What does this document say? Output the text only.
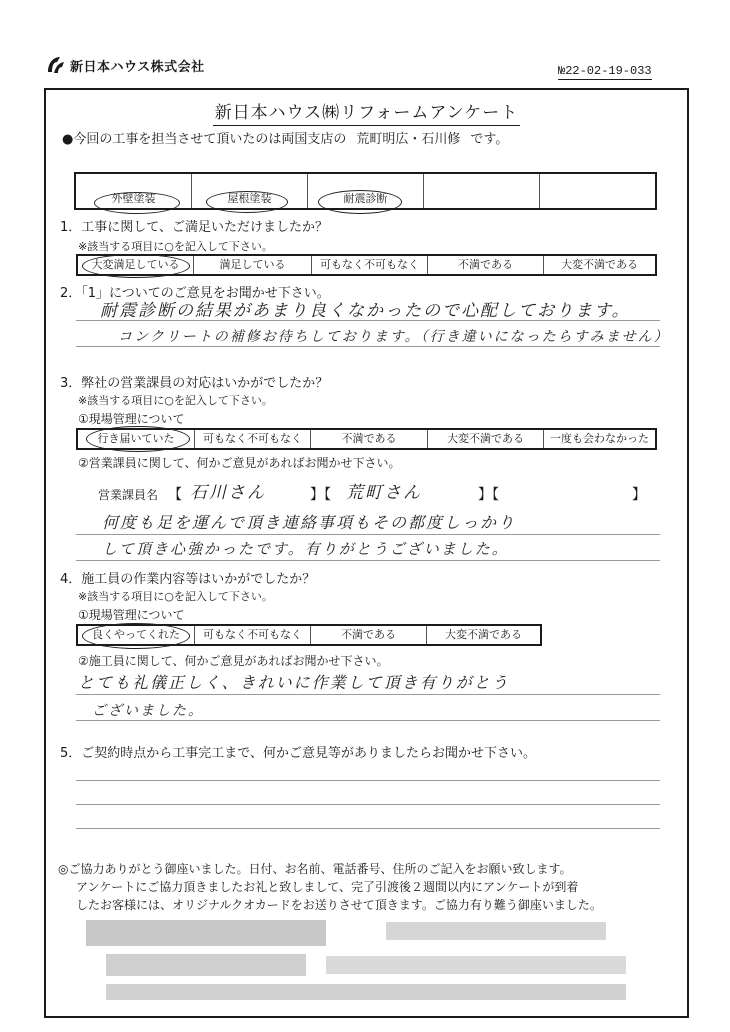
新日本ハウス株式会社	№22-02-19-033
新日本ハウス㈱リフォームアンケート
●今回の工事を担当させて頂いたのは両国支店の 荒町明広・石川修 です。
外壁塗装	屋根塗装	耐震診断
1．工事に関して、ご満足いただけましたか？
※該当する項目に○を記入して下さい。
大変満足している	満足している	可もなく不可もなく	不満である	大変不満である
2．「1」についてのご意見をお聞かせ下さい。
耐震診断の結果があまり良くなかったので心配しております。
コンクリートの補修お待ちしております。（行き違いになったらすみません）
3．弊社の営業課員の対応はいかがでしたか？
※該当する項目に○を記入して下さい。
①現場管理について
行き届いていた	可もなく不可もなく	不満である	大変不満である	一度も会わなかった
②営業課員に関して、何かご意見があればお聞かせ下さい。
営業課員名 【 石川さん	】【 荒町さん	】【	】
何度も足を運んで頂き連絡事項もその都度しっかり
して頂き心強かったです。有りがとうございました。
4．施工員の作業内容等はいかがでしたか？
※該当する項目に○を記入して下さい。
①現場管理について
良くやってくれた	可もなく不可もなく	不満である	大変不満である
②施工員に関して、何かご意見があればお聞かせ下さい。
とても礼儀正しく、きれいに作業して頂き有りがとう
ございました。
5．ご契約時点から工事完工まで、何かご意見等がありましたらお聞かせ下さい。
◎ご協力ありがとう御座いました。日付、お名前、電話番号、住所のご記入をお願い致します。
アンケートにご協力頂きましたお礼と致しまして、完了引渡後２週間以内にアンケートが到着
したお客様には、オリジナルクオカードをお送りさせて頂きます。ご協力有り難う御座いました。
